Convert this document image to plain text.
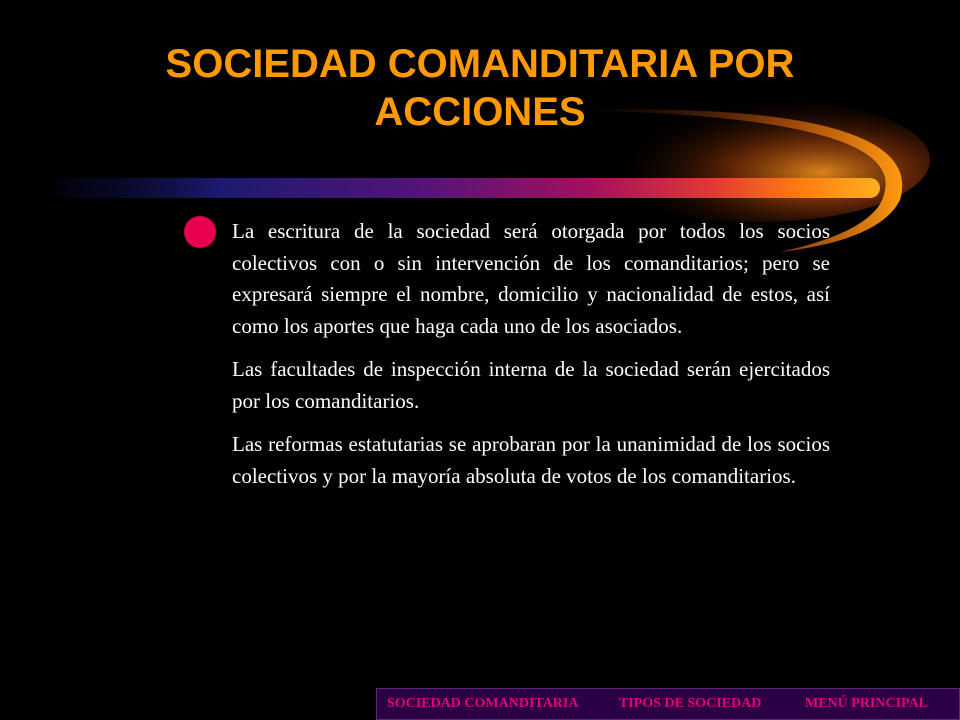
SOCIEDAD COMANDITARIA POR ACCIONES

La escritura de la sociedad será otorgada por todos los socios colectivos con o sin intervención de los comanditarios; pero se expresará siempre el nombre, domicilio y nacionalidad de estos, así como los aportes que haga cada uno de los asociados.

Las facultades de inspección interna de la sociedad serán ejercitados por los comanditarios.

Las reformas estatutarias se aprobaran por la unanimidad de los socios colectivos y por la mayoría absoluta de votos de los comanditarios.

SOCIEDAD COMANDITARIA	TIPOS DE SOCIEDAD	MENÚ PRINCIPAL
